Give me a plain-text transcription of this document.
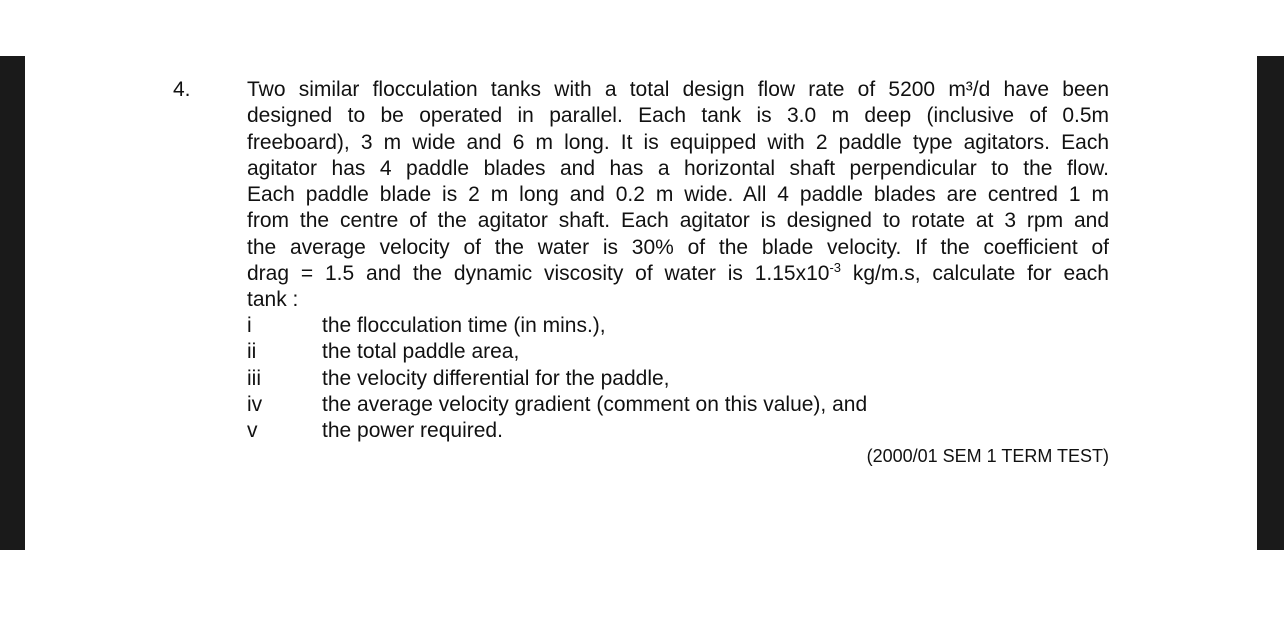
4.	Two similar flocculation tanks with a total design flow rate of 5200 m³/d have been
designed to be operated in parallel. Each tank is 3.0 m deep (inclusive of 0.5m
freeboard), 3 m wide and 6 m long. It is equipped with 2 paddle type agitators. Each
agitator has 4 paddle blades and has a horizontal shaft perpendicular to the flow.
Each paddle blade is 2 m long and 0.2 m wide. All 4 paddle blades are centred 1 m
from the centre of the agitator shaft. Each agitator is designed to rotate at 3 rpm and
the average velocity of the water is 30% of the blade velocity. If the coefficient of
drag = 1.5 and the dynamic viscosity of water is $1.15x10^{-3}$ kg/m.s, calculate for each
tank :
i	the flocculation time (in mins.),
ii	the total paddle area,
iii	the velocity differential for the paddle,
iv	the average velocity gradient (comment on this value), and
v	the power required.
(2000/01 SEM 1 TERM TEST)
